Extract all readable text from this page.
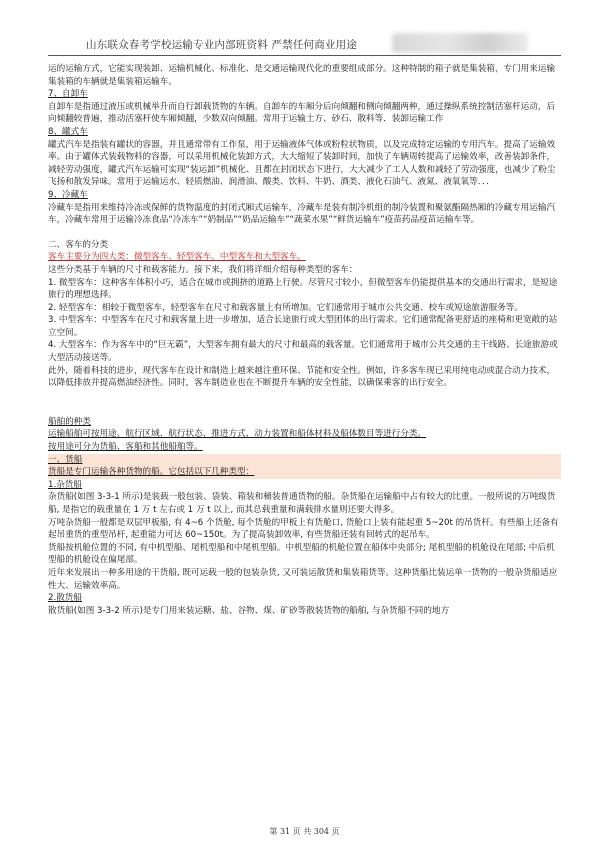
山东联众春考学校运输专业内部班资料 严禁任何商业用途

运的运输方式，它能实现装卸、运输机械化、标准化、是交通运输现代化的重要组成部分。这种特制的箱子就是集装箱，专门用来运输集装箱的车辆就是集装箱运输车。

7、自卸车

自卸车是指通过液压或机械举升而自行卸载货物的车辆。自卸车的车厢分后向倾翻和侧向倾翻两种，通过操纵系统控制活塞杆运动，后向倾翻较普遍，推动活塞杆使车厢倾翻，少数双向倾翻。常用于运输土方、砂石、散料等．装卸运输工作

8、罐式车

罐式汽车是指装有罐状的容器，并且通常带有工作泵，用于运输液体气体或粉粒状物质，以及完成特定运输的专用汽车。提高了运输效率。由于罐体式装载物料的容器，可以采用机械化装卸方式，大大缩短了装卸时间，加快了车辆周转提高了运输效率，改善装卸条件，减轻劳动强度，罐式汽车运输可实现“装运卸”机械化、且都在封闭状态下进行，大大减少了工人人数和减轻了劳动强度，也减少了粉尘飞扬和散发异味。常用于运输运水、轻质燃油、润滑油、酸类、饮料、牛奶、酒类、液化石油气、液氮、液氧氧等．．．

9、冷藏车

冷藏车是指用来维持冷冻或保鲜的货物温度的封闭式厢式运输车，冷藏车是装有制冷机组的制冷装置和聚氨酯隔热厢的冷藏专用运输汽车，冷藏车常用于运输冷冻食品“冷冻车”“奶制品”“奶品运输车”“蔬菜水果”“鲜货运输车”疫苗药品疫苗运输车等。

二、客车的分类

客车主要分为四大类：微型客车、轻型客车、中型客车和大型客车。

这些分类基于车辆的尺寸和载客能力。接下来，我们将详细介绍每种类型的客车：

1. 微型客车：这种客车体积小巧，适合在城市或拥挤的道路上行驶。尽管尺寸较小，但微型客车仍能提供基本的交通出行需求，是短途旅行的理想选择。

2. 轻型客车：相较于微型客车，轻型客车在尺寸和载客量上有所增加。它们通常用于城市公共交通、校车或短途旅游服务等。

3. 中型客车：中型客车在尺寸和载客量上进一步增加，适合长途旅行或大型团体的出行需求。它们通常配备更舒适的座椅和更宽敞的站立空间。

4. 大型客车：作为客车中的“巨无霸”，大型客车拥有最大的尺寸和最高的载客量。它们通常用于城市公共交通的主干线路、长途旅游或大型活动接送等。

此外，随着科技的进步，现代客车在设计和制造上越来越注重环保、节能和安全性。例如，许多客车现已采用纯电动或混合动力技术，以降低排放并提高燃油经济性。同时，客车制造业也在不断提升车辆的安全性能，以确保乘客的出行安全。

船舶的种类

运输船舶可按用途、航行区域、航行状态、推进方式、动力装置和船体材料及船体数目等进行分类。

按用途可分为货船、客船和其他船舶等。

一、货船

货船是专门运输各种货物的船。它包括以下几种类型：

1.杂货船

杂货船(如图 3-3-1 所示)是装载一般包装、袋装、箱装和桶装普通货物的船。杂货船在运输船中占有较大的比重。一般所说的万吨级货船, 是指它的载重量在 1 万 t 左右或 1 万 t 以上, 而其总载重量和满载排水量则还要大得多。

万吨杂货船一般都是双层甲板船, 有 4~6 个货舱, 每个货舱的甲板上有货舱口, 货舱口上装有能起重 5~20t 的吊货杆。有些船上还备有起吊重货的重型吊杆, 起重能力可达 60~150t。为了提高装卸效率, 有些货船还装有回转式的起吊车。

货船按机舱位置的不同, 有中机型船、尾机型船和中尾机型船。中机型船的机舱位置在船体中央部分; 尾机型船的机舱设在尾部; 中后机型船的机舱设在偏尾部。

近年来发展出一种多用途的干货船, 既可运载一般的包装杂货, 又可装运散货和集装箱货等。这种货船比装运单一货物的一般杂货船适应性大、运输效率高。

2.散货船

散货船(如图 3-3-2 所示)是专门用来装运糖、盐、谷物、煤、矿砂等散装货物的船舶, 与杂货船不同的地方

第 31 页 共 304 页
